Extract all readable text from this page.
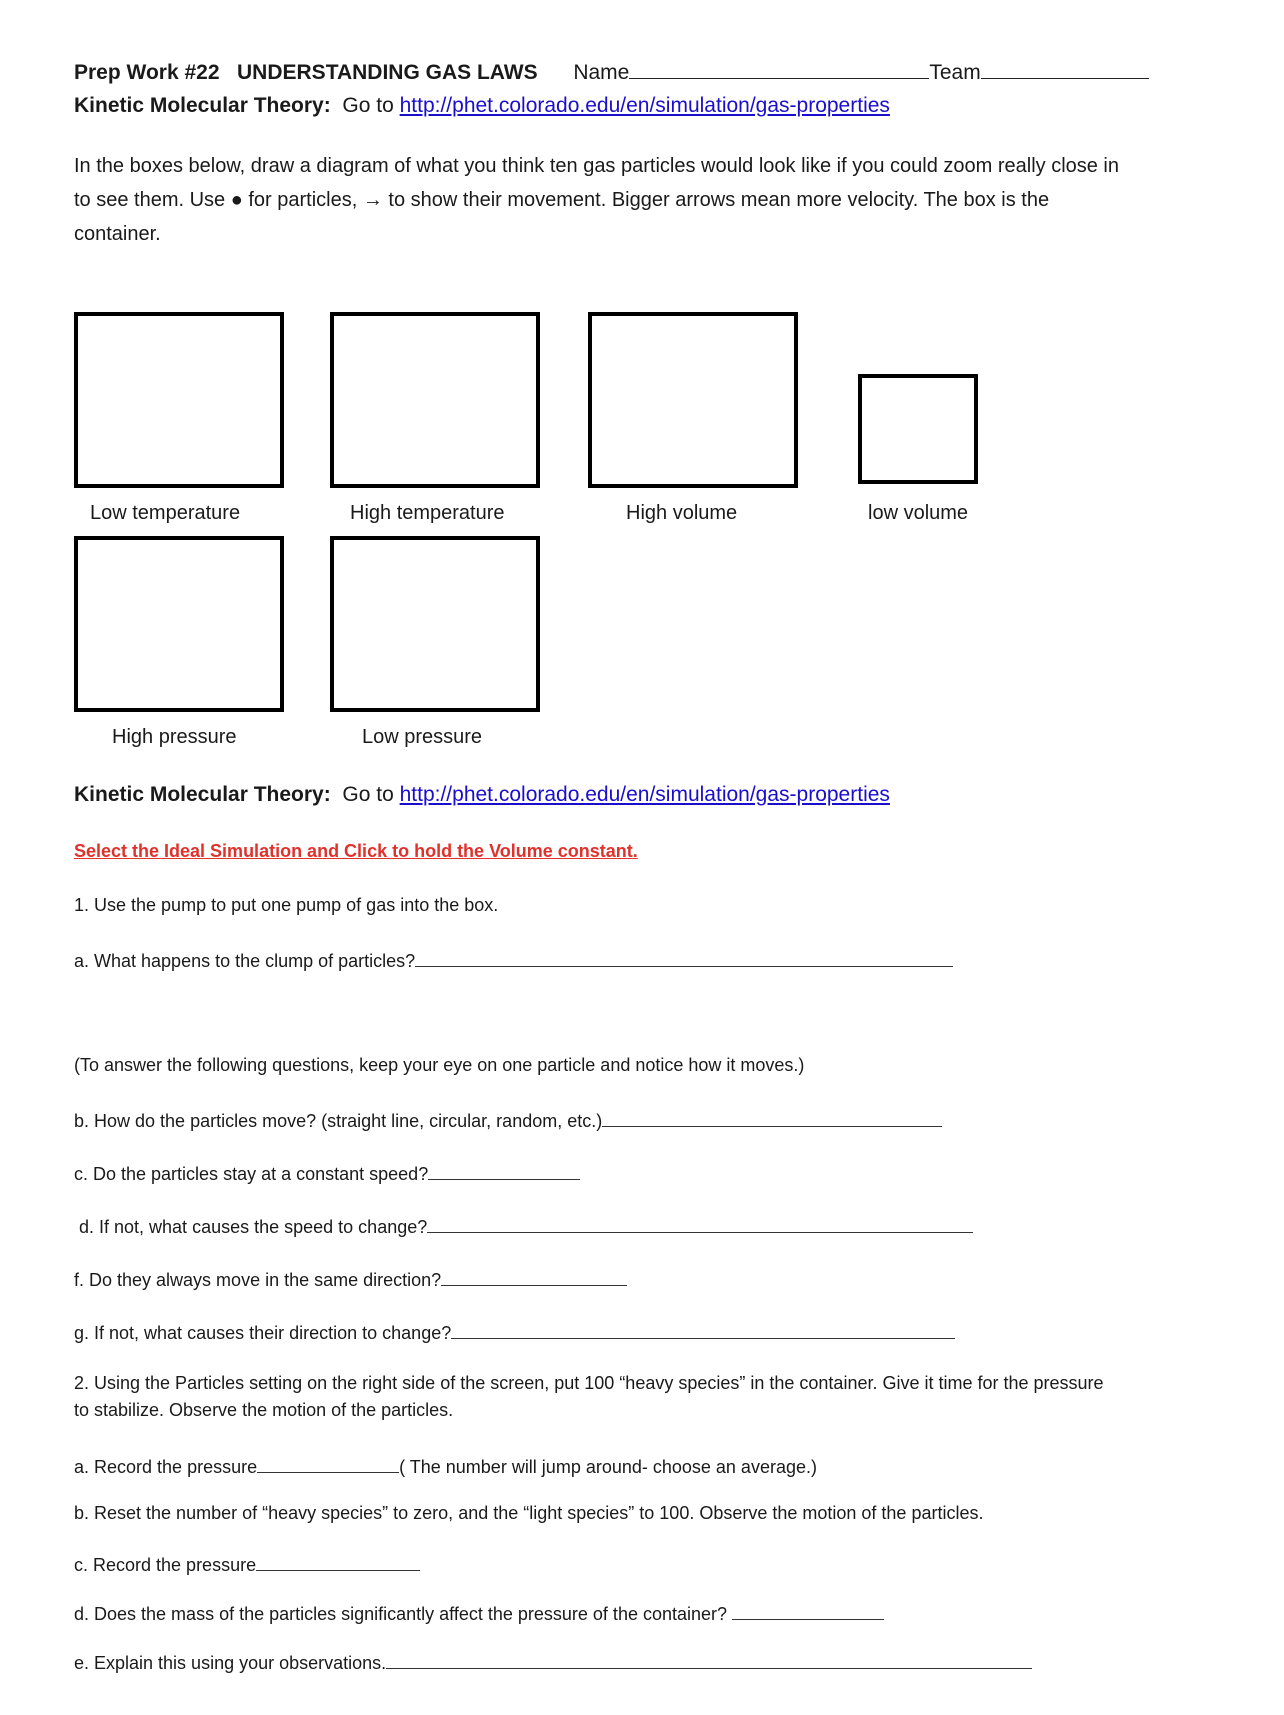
Prep Work #22   UNDERSTANDING GAS LAWS Name	Team
Kinetic Molecular Theory: Go to http://phet.colorado.edu/en/simulation/gas-properties
In the boxes below, draw a diagram of what you think ten gas particles would look like if you could zoom really close in
to see them. Use ● for particles, → to show their movement. Bigger arrows mean more velocity. The box is the
container.
Low temperature	High temperature	High volume	low volume
High pressure	Low pressure
Kinetic Molecular Theory: Go to http://phet.colorado.edu/en/simulation/gas-properties
Select the Ideal Simulation and Click to hold the Volume constant.
1. Use the pump to put one pump of gas into the box.
a. What happens to the clump of particles?
(To answer the following questions, keep your eye on one particle and notice how it moves.)
b. How do the particles move? (straight line, circular, random, etc.)
c. Do the particles stay at a constant speed?
d. If not, what causes the speed to change?
f. Do they always move in the same direction?
g. If not, what causes their direction to change?
2. Using the Particles setting on the right side of the screen, put 100 “heavy species” in the container. Give it time for the pressure
to stabilize. Observe the motion of the particles.
a. Record the pressure	( The number will jump around- choose an average.)
b. Reset the number of “heavy species” to zero, and the “light species” to 100. Observe the motion of the particles.
c. Record the pressure
d. Does the mass of the particles significantly affect the pressure of the container?
e. Explain this using your observations.
